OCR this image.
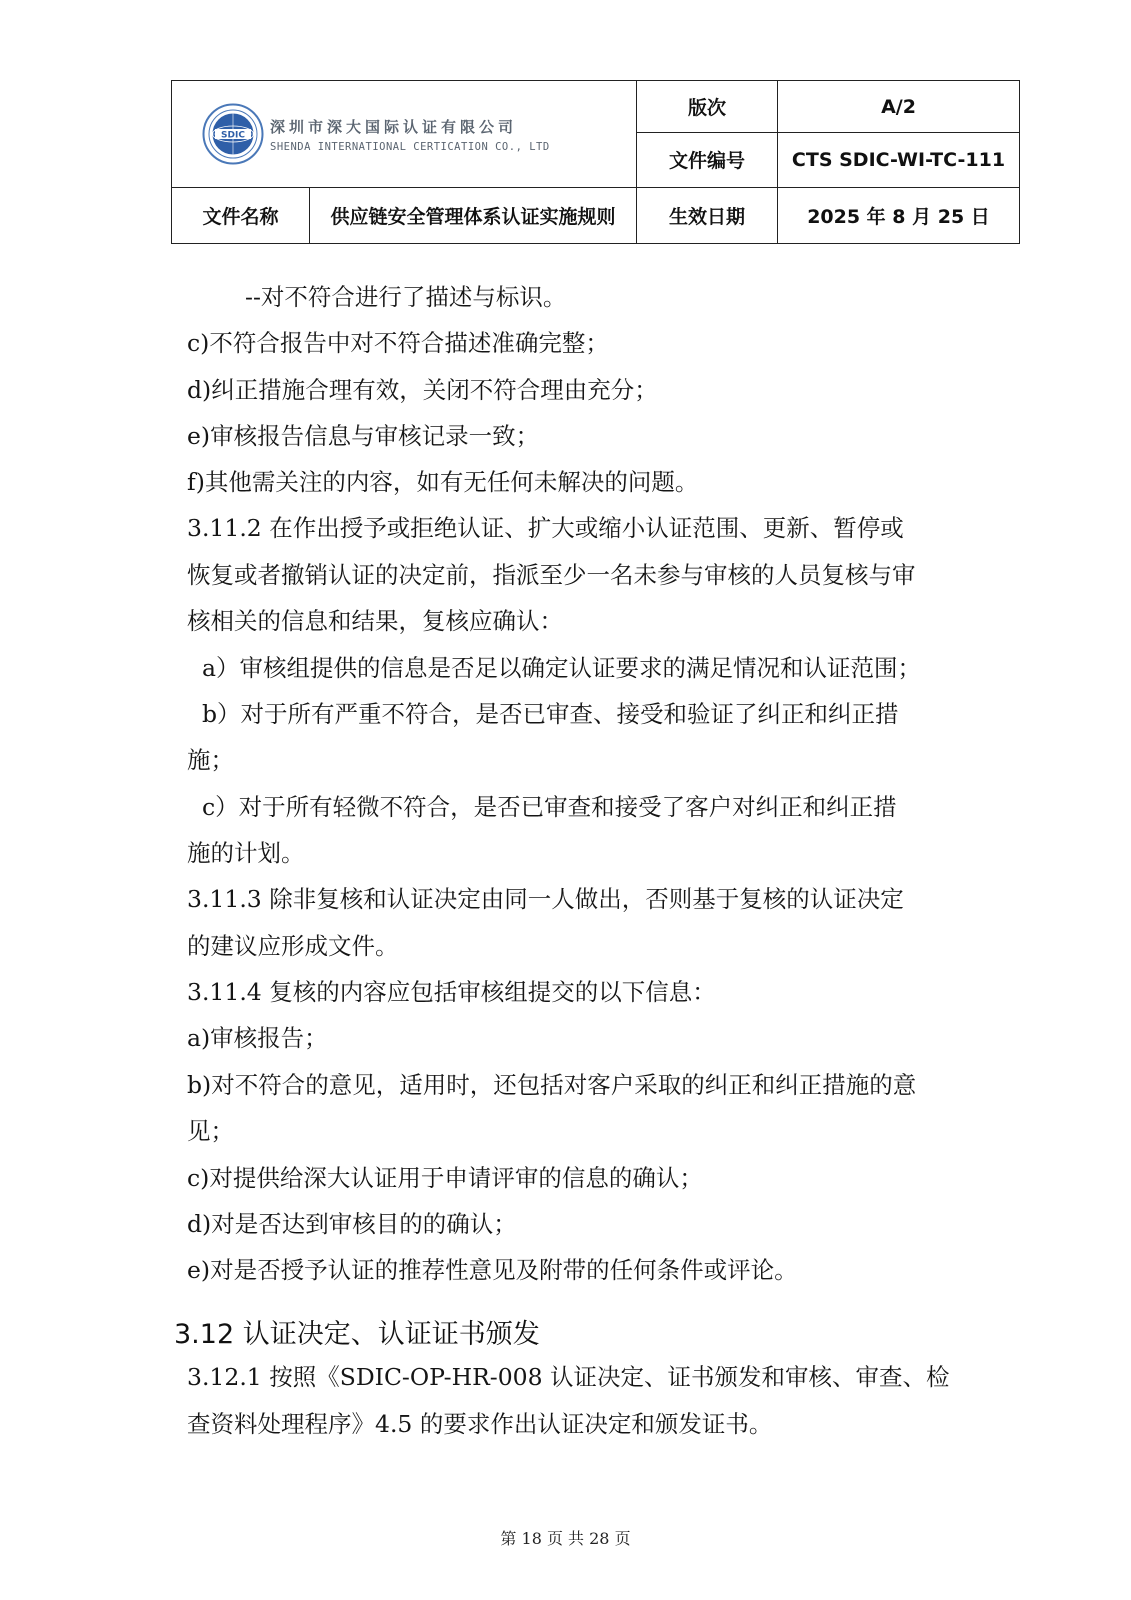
SDIC 深圳市深大国际认证有限公司
SHENDA INTERNATIONAL CERTICATION CO., LTD		版次	A/2
		文件编号	CTS SDIC-WI-TC-111
文件名称	供应链安全管理体系认证实施规则	生效日期	2025 年 8 月 25 日
--对不符合进行了描述与标识。
c)不符合报告中对不符合描述准确完整；
d)纠正措施合理有效，关闭不符合理由充分；
e)审核报告信息与审核记录一致；
f)其他需关注的内容，如有无任何未解决的问题。
3.11.2 在作出授予或拒绝认证、扩大或缩小认证范围、更新、暂停或
恢复或者撤销认证的决定前，指派至少一名未参与审核的人员复核与审
核相关的信息和结果，复核应确认：
a）审核组提供的信息是否足以确定认证要求的满足情况和认证范围；
b）对于所有严重不符合，是否已审查、接受和验证了纠正和纠正措
施；
c）对于所有轻微不符合，是否已审查和接受了客户对纠正和纠正措
施的计划。
3.11.3 除非复核和认证决定由同一人做出，否则基于复核的认证决定
的建议应形成文件。
3.11.4 复核的内容应包括审核组提交的以下信息：
a)审核报告；
b)对不符合的意见，适用时，还包括对客户采取的纠正和纠正措施的意
见；
c)对提供给深大认证用于申请评审的信息的确认；
d)对是否达到审核目的的确认；
e)对是否授予认证的推荐性意见及附带的任何条件或评论。
3.12 认证决定、认证证书颁发
3.12.1 按照《SDIC-OP-HR-008 认证决定、证书颁发和审核、审查、检
查资料处理程序》4.5 的要求作出认证决定和颁发证书。
第 18 页 共 28 页
